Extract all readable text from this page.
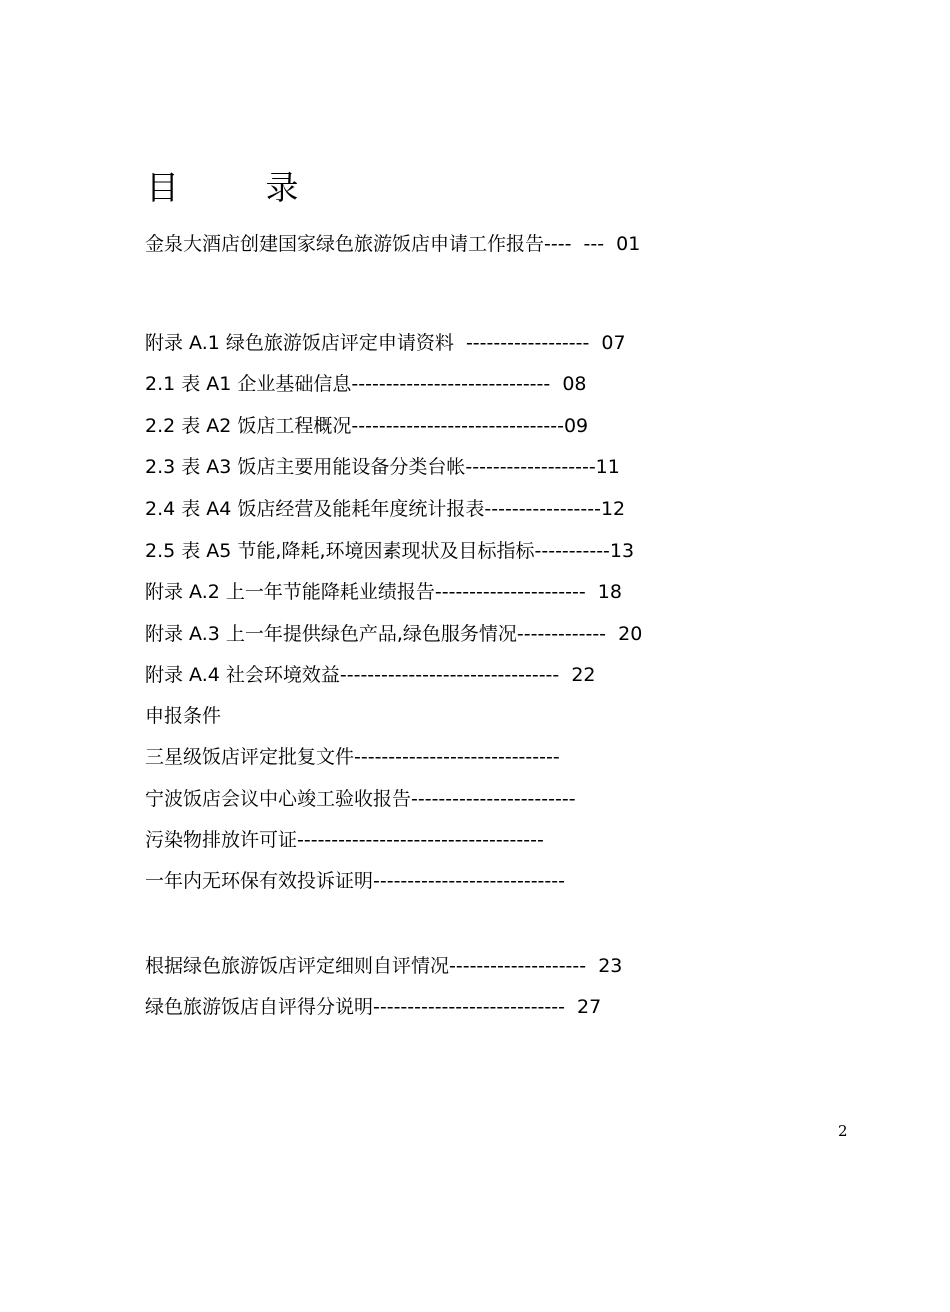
目 录
金泉大酒店创建国家绿色旅游饭店申请工作报告----  ---  01
附录 A.1 绿色旅游饭店评定申请资料  ------------------  07
2.1 表 A1 企业基础信息-----------------------------  08
2.2 表 A2 饭店工程概况-------------------------------09
2.3 表 A3 饭店主要用能设备分类台帐-------------------11
2.4 表 A4 饭店经营及能耗年度统计报表-----------------12
2.5 表 A5 节能,降耗,环境因素现状及目标指标-----------13
附录 A.2 上一年节能降耗业绩报告----------------------  18
附录 A.3 上一年提供绿色产品,绿色服务情况-------------  20
附录 A.4 社会环境效益--------------------------------  22
申报条件
三星级饭店评定批复文件------------------------------
宁波饭店会议中心竣工验收报告------------------------
污染物排放许可证------------------------------------
一年内无环保有效投诉证明----------------------------
根据绿色旅游饭店评定细则自评情况--------------------  23
绿色旅游饭店自评得分说明----------------------------  27
2
